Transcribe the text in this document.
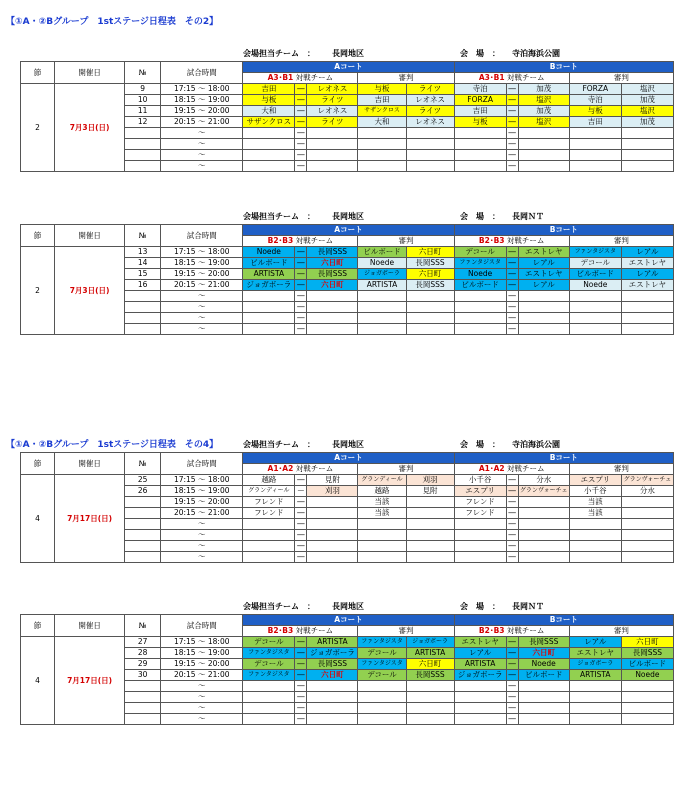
【①A・②Bグループ　1stステージ日程表　その2】
【①A・②Bグループ　1stステージ日程表　その4】
会場担当チーム　： 長岡地区	会　場　： 寺泊海浜公園
節	開催日	№	試合時間	Aコート					Bコート				
				A3･B1 対戦チーム			審判		A3･B1 対戦チーム			審判	
2	7月3日(日)	9	17:15 ～ 18:00	吉田	―	レオネス	与板	ライツ	寺泊	―	加茂	FORZA	塩沢
		10	18:15 ～ 19:00	与板	―	ライツ	吉田	レオネス	FORZA	―	塩沢	寺泊	加茂
		11	19:15 ～ 20:00	大和	―	レオネス	サザンクロス	ライツ	吉田	―	加茂	与板	塩沢
		12	20:15 ～ 21:00	サザンクロス	―	ライツ	大和	レオネス	与板	―	塩沢	吉田	加茂
			～		―					―			
			～		―					―			
			～		―					―			
			～		―					―			
会場担当チーム　： 長岡地区	会　場　： 長岡ＮＴ
節	開催日	№	試合時間	Aコート					Bコート				
				B2･B3 対戦チーム			審判		B2･B3 対戦チーム			審判	
2	7月3日(日)	13	17:15 ～ 18:00	Noede	―	長岡SSS	ビルボード	六日町	デコール	―	エストレヤ	ファンタジスタ	レアル
		14	18:15 ～ 19:00	ビルボード	―	六日町	Noede	長岡SSS	ファンタジスタ	―	レアル	デコール	エストレヤ
		15	19:15 ～ 20:00	ARTISTA	―	長岡SSS	ジョガボーラ	六日町	Noede	―	エストレヤ	ビルボード	レアル
		16	20:15 ～ 21:00	ジョガボーラ	―	六日町	ARTISTA	長岡SSS	ビルボード	―	レアル	Noede	エストレヤ
			～		―					―			
			～		―					―			
			～		―					―			
			～		―					―			
会場担当チーム　： 長岡地区	会　場　： 寺泊海浜公園
節	開催日	№	試合時間	Aコート					Bコート				
				A1･A2 対戦チーム			審判		A1･A2 対戦チーム			審判	
4	7月17日(日)	25	17:15 ～ 18:00	越路	―	見附	グランディール	刈羽	小千谷	―	分水	エスプリ	グランヴォーチェ
		26	18:15 ～ 19:00	グランディール	―	刈羽	越路	見附	エスプリ	―	グランヴォーチェ	小千谷	分水
			19:15 ～ 20:00	フレンド	―		当該		フレンド	―		当該	
			20:15 ～ 21:00	フレンド	―		当該		フレンド	―		当該	
			～		―					―			
			～		―					―			
			～		―					―			
			～		―					―			
会場担当チーム　： 長岡地区	会　場　： 長岡ＮＴ
節	開催日	№	試合時間	Aコート					Bコート				
				B2･B3 対戦チーム			審判		B2･B3 対戦チーム			審判	
4	7月17日(日)	27	17:15 ～ 18:00	デコール	―	ARTISTA	ファンタジスタ	ジョガボーラ	エストレヤ	―	長岡SSS	レアル	六日町
		28	18:15 ～ 19:00	ファンタジスタ	―	ジョガボーラ	デコール	ARTISTA	レアル	―	六日町	エストレヤ	長岡SSS
		29	19:15 ～ 20:00	デコール	―	長岡SSS	ファンタジスタ	六日町	ARTISTA	―	Noede	ジョガボーラ	ビルボード
		30	20:15 ～ 21:00	ファンタジスタ	―	六日町	デコール	長岡SSS	ジョガボーラ	―	ビルボード	ARTISTA	Noede
			～		―					―			
			～		―					―			
			～		―					―			
			～		―					―			
